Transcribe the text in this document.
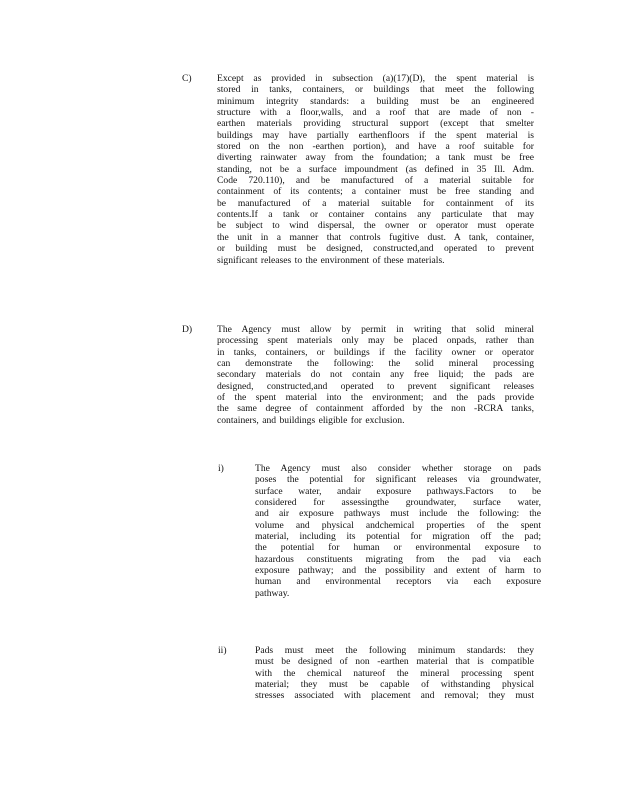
C)	Except as provided in subsection (a)(17)(D), the spent material is
stored in tanks, containers, or buildings that meet the following
minimum integrity standards: a building must be an engineered
structure with a floor,walls, and a roof that are made of non -
earthen materials providing structural support (except that smelter
buildings may have partially earthenfloors if the spent material is
stored on the non -earthen portion), and have a roof suitable for
diverting rainwater away from the foundation; a tank must be free
standing, not be a surface impoundment (as defined in 35 Ill. Adm.
Code 720.110), and be manufactured of a material suitable for
containment of its contents; a container must be free standing and
be manufactured of a material suitable for containment of its
contents.If a tank or container contains any particulate that may
be subject to wind dispersal, the owner or operator must operate
the unit in a manner that controls fugitive dust. A tank, container,
or building must be designed, constructed,and operated to prevent
significant releases to the environment of these materials.
D)	The Agency must allow by permit in writing that solid mineral
processing spent materials only may be placed onpads, rather than
in tanks, containers, or buildings if the facility owner or operator
can demonstrate the following: the solid mineral processing
secondary materials do not contain any free liquid; the pads are
designed, constructed,and operated to prevent significant releases
of the spent material into the environment; and the pads provide
the same degree of containment afforded by the non -RCRA tanks,
containers, and buildings eligible for exclusion.
i)	The Agency must also consider whether storage on pads
poses the potential for significant releases via groundwater,
surface water, andair exposure pathways.Factors to be
considered for assessingthe groundwater, surface water,
and air exposure pathways must include the following: the
volume and physical andchemical properties of the spent
material, including its potential for migration off the pad;
the potential for human or environmental exposure to
hazardous constituents migrating from the pad via each
exposure pathway; and the possibility and extent of harm to
human and environmental receptors via each exposure
pathway.
ii)	Pads must meet the following minimum standards: they
must be designed of non -earthen material that is compatible
with the chemical natureof the mineral processing spent
material; they must be capable of withstanding physical
stresses associated with placement and removal; they must
